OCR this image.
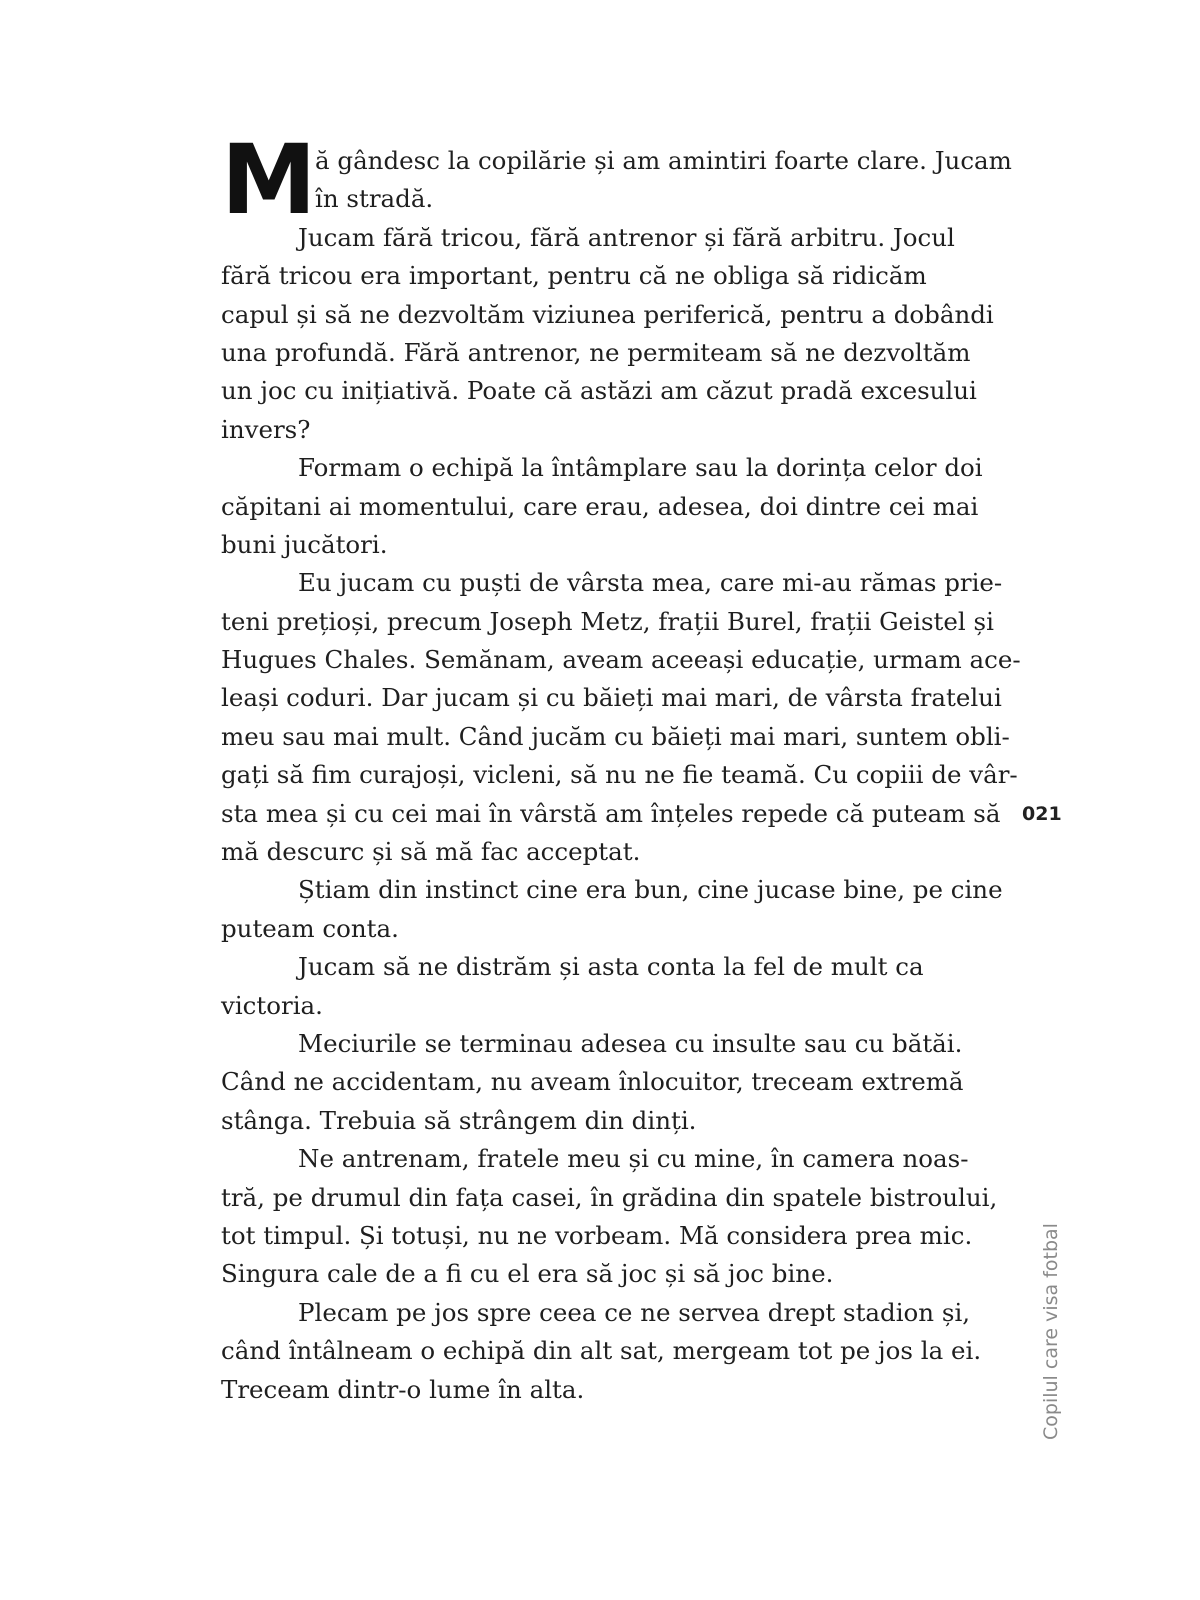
M ă gândesc la copilărie și am amintiri foarte clare. Jucam
în stradă.
Jucam fără tricou, fără antrenor și fără arbitru. Jocul
fără tricou era important, pentru că ne obliga să ridicăm
capul și să ne dezvoltăm viziunea periferică, pentru a dobândi
una profundă. Fără antrenor, ne permiteam să ne dezvoltăm
un joc cu inițiativă. Poate că astăzi am căzut pradă excesului
invers?
Formam o echipă la întâmplare sau la dorința celor doi
căpitani ai momentului, care erau, adesea, doi dintre cei mai
buni jucători.
Eu jucam cu puști de vârsta mea, care mi-au rămas prie-
teni prețioși, precum Joseph Metz, frații Burel, frații Geistel și
Hugues Chales. Semănam, aveam aceeași educație, urmam ace-
leași coduri. Dar jucam și cu băieți mai mari, de vârsta fratelui
meu sau mai mult. Când jucăm cu băieți mai mari, suntem obli-
gați să fim curajoși, vicleni, să nu ne fie teamă. Cu copiii de vâr-
sta mea și cu cei mai în vârstă am înțeles repede că puteam să
mă descurc și să mă fac acceptat.
Știam din instinct cine era bun, cine jucase bine, pe cine
puteam conta.
Jucam să ne distrăm și asta conta la fel de mult ca
victoria.
Meciurile se terminau adesea cu insulte sau cu bătăi.
Când ne accidentam, nu aveam înlocuitor, treceam extremă
stânga. Trebuia să strângem din dinți.
Ne antrenam, fratele meu și cu mine, în camera noas-
tră, pe drumul din fața casei, în grădina din spatele bistroului,
tot timpul. Și totuși, nu ne vorbeam. Mă considera prea mic.
Singura cale de a fi cu el era să joc și să joc bine.
Plecam pe jos spre ceea ce ne servea drept stadion și,
când întâlneam o echipă din alt sat, mergeam tot pe jos la ei.
Treceam dintr-o lume în alta.
021
Copilul care visa fotbal
